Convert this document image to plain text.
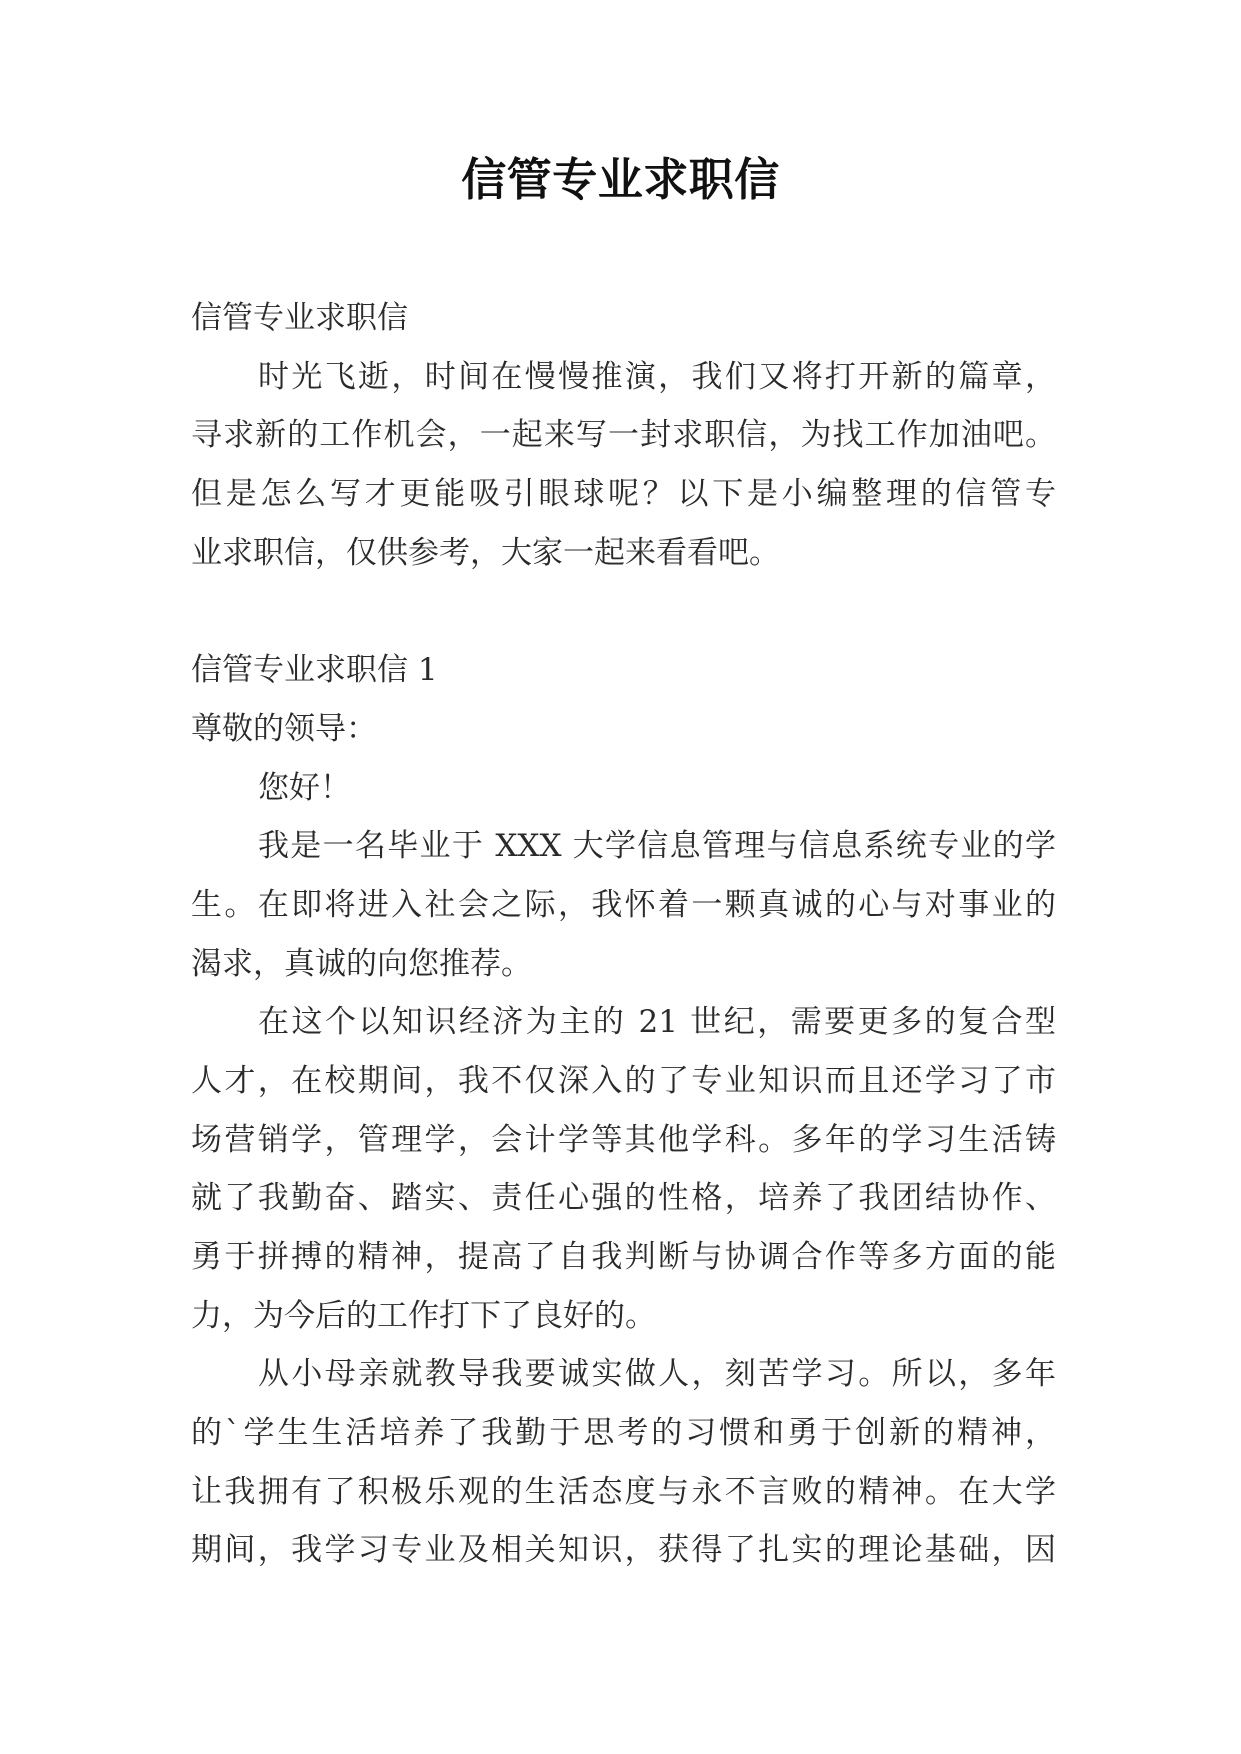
信管专业求职信
信管专业求职信
时光飞逝，时间在慢慢推演，我们又将打开新的篇章，
寻求新的工作机会，一起来写一封求职信，为找工作加油吧。
但是怎么写才更能吸引眼球呢？以下是小编整理的信管专
业求职信，仅供参考，大家一起来看看吧。
信管专业求职信 1
尊敬的领导：
您好！
我是一名毕业于 XXX 大学信息管理与信息系统专业的学
生。在即将进入社会之际，我怀着一颗真诚的心与对事业的
渴求，真诚的向您推荐。
在这个以知识经济为主的 21 世纪，需要更多的复合型
人才，在校期间，我不仅深入的了专业知识而且还学习了市
场营销学，管理学，会计学等其他学科。多年的学习生活铸
就了我勤奋、踏实、责任心强的性格，培养了我团结协作、
勇于拼搏的精神，提高了自我判断与协调合作等多方面的能
力，为今后的工作打下了良好的。
从小母亲就教导我要诚实做人，刻苦学习。所以，多年
的`学生生活培养了我勤于思考的习惯和勇于创新的精神，
让我拥有了积极乐观的生活态度与永不言败的精神。在大学
期间，我学习专业及相关知识，获得了扎实的理论基础，因
